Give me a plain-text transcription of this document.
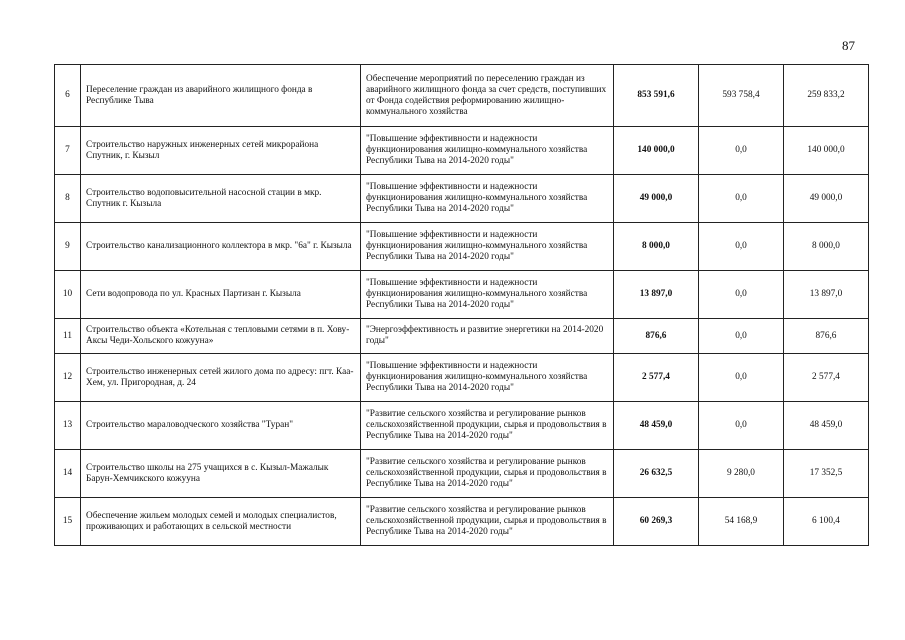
87
6	Переселение граждан из аварийного жилищного фонда в Республике Тыва	Обеспечение мероприятий по переселению граждан из аварийного жилищного фонда за счет средств, поступивших от Фонда содействия реформированию жилищно-коммунального хозяйства	853 591,6	593 758,4	259 833,2
7	Строительство наружных инженерных сетей микрорайона Спутник, г. Кызыл	"Повышение эффективности и надежности функционирования жилищно-коммунального хозяйства Республики Тыва на 2014-2020 годы"	140 000,0	0,0	140 000,0
8	Строительство водоповысительной насосной стации в мкр. Спутник г. Кызыла	"Повышение эффективности и надежности функционирования жилищно-коммунального хозяйства Республики Тыва на 2014-2020 годы"	49 000,0	0,0	49 000,0
9	Строительство канализационного коллектора в мкр. "6а" г. Кызыла	"Повышение эффективности и надежности функционирования жилищно-коммунального хозяйства Республики Тыва на 2014-2020 годы"	8 000,0	0,0	8 000,0
10	Сети водопровода по ул. Красных Партизан г. Кызыла	"Повышение эффективности и надежности функционирования жилищно-коммунального хозяйства Республики Тыва на 2014-2020 годы"	13 897,0	0,0	13 897,0
11	Строительство объекта «Котельная с тепловыми сетями в п. Хову-Аксы Чеди-Хольского кожууна»	"Энергоэффективность и развитие энергетики на 2014-2020 годы"	876,6	0,0	876,6
12	Строительство инженерных сетей жилого дома по адресу: пгт. Каа-Хем, ул. Пригородная, д. 24	"Повышение эффективности и надежности функционирования жилищно-коммунального хозяйства Республики Тыва на 2014-2020 годы"	2 577,4	0,0	2 577,4
13	Строительство мараловодческого хозяйства "Туран"	"Развитие сельского хозяйства и регулирование рынков сельскохозяйственной продукции, сырья и продовольствия в Республике Тыва на 2014-2020 годы"	48 459,0	0,0	48 459,0
14	Строительство школы на 275 учащихся в с. Кызыл-Мажалык Барун-Хемчикского кожууна	"Развитие сельского хозяйства и регулирование рынков сельскохозяйственной продукции, сырья и продовольствия в Республике Тыва на 2014-2020 годы"	26 632,5	9 280,0	17 352,5
15	Обеспечение жильем молодых семей и молодых специалистов, проживающих и работающих в сельской местности	"Развитие сельского хозяйства и регулирование рынков сельскохозяйственной продукции, сырья и продовольствия в Республике Тыва на 2014-2020 годы"	60 269,3	54 168,9	6 100,4
